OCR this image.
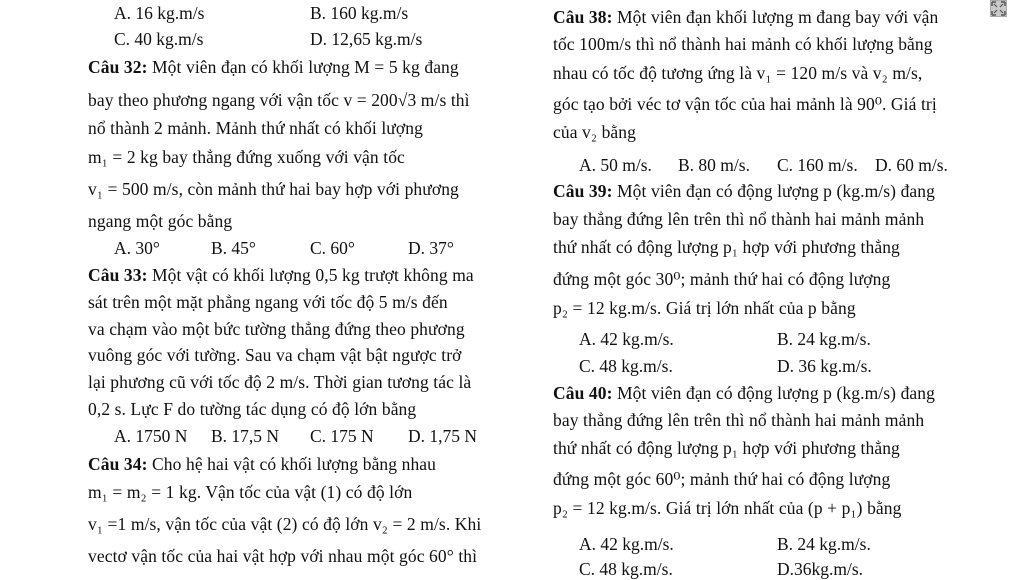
A. 16 kg.m/s	B. 160 kg.m/s
C. 40 kg.m/s	D. 12,65 kg.m/s
Câu 32: Một viên đạn có khối lượng M = 5 kg đang
bay theo phương ngang với vận tốc v = 200√3 m/s thì
nổ thành 2 mảnh. Mảnh thứ nhất có khối lượng
m₁ = 2 kg bay thẳng đứng xuống với vận tốc
v₁ = 500 m/s, còn mảnh thứ hai bay hợp với phương
ngang một góc bằng
A. 30°	B. 45°	C. 60°	D. 37°
Câu 33: Một vật có khối lượng 0,5 kg trượt không ma
sát trên một mặt phẳng ngang với tốc độ 5 m/s đến
va chạm vào một bức tường thẳng đứng theo phương
vuông góc với tường. Sau va chạm vật bật ngược trở
lại phương cũ với tốc độ 2 m/s. Thời gian tương tác là
0,2 s. Lực F do tường tác dụng có độ lớn bằng
A. 1750 N B. 17,5 N C. 175 N D. 1,75 N
Câu 34: Cho hệ hai vật có khối lượng bằng nhau
m₁ = m₂ = 1 kg. Vận tốc của vật (1) có độ lớn
v₁ =1 m/s, vận tốc của vật (2) có độ lớn v₂ = 2 m/s. Khi
vectơ vận tốc của hai vật hợp với nhau một góc 60° thì
Câu 38: Một viên đạn khối lượng m đang bay với vận
tốc 100m/s thì nổ thành hai mảnh có khối lượng bằng
nhau có tốc độ tương ứng là v₁ = 120 m/s và v₂ m/s,
góc tạo bởi véc tơ vận tốc của hai mảnh là 90⁰. Giá trị
của v₂ bằng
A. 50 m/s. B. 80 m/s. C. 160 m/s. D. 60 m/s.
Câu 39: Một viên đạn có động lượng p (kg.m/s) đang
bay thẳng đứng lên trên thì nổ thành hai mảnh mảnh
thứ nhất có động lượng p₁ hợp với phương thẳng
đứng một góc 30⁰; mảnh thứ hai có động lượng
p₂ = 12 kg.m/s. Giá trị lớn nhất của p bằng
A. 42 kg.m/s.	B. 24 kg.m/s.
C. 48 kg.m/s.	D. 36 kg.m/s.
Câu 40: Một viên đạn có động lượng p (kg.m/s) đang
bay thẳng đứng lên trên thì nổ thành hai mảnh mảnh
thứ nhất có động lượng p₁ hợp với phương thẳng
đứng một góc 60⁰; mảnh thứ hai có động lượng
p₂ = 12 kg.m/s. Giá trị lớn nhất của (p + p₁) bằng
A. 42 kg.m/s.	B. 24 kg.m/s.
C. 48 kg.m/s.	D.36kg.m/s.
